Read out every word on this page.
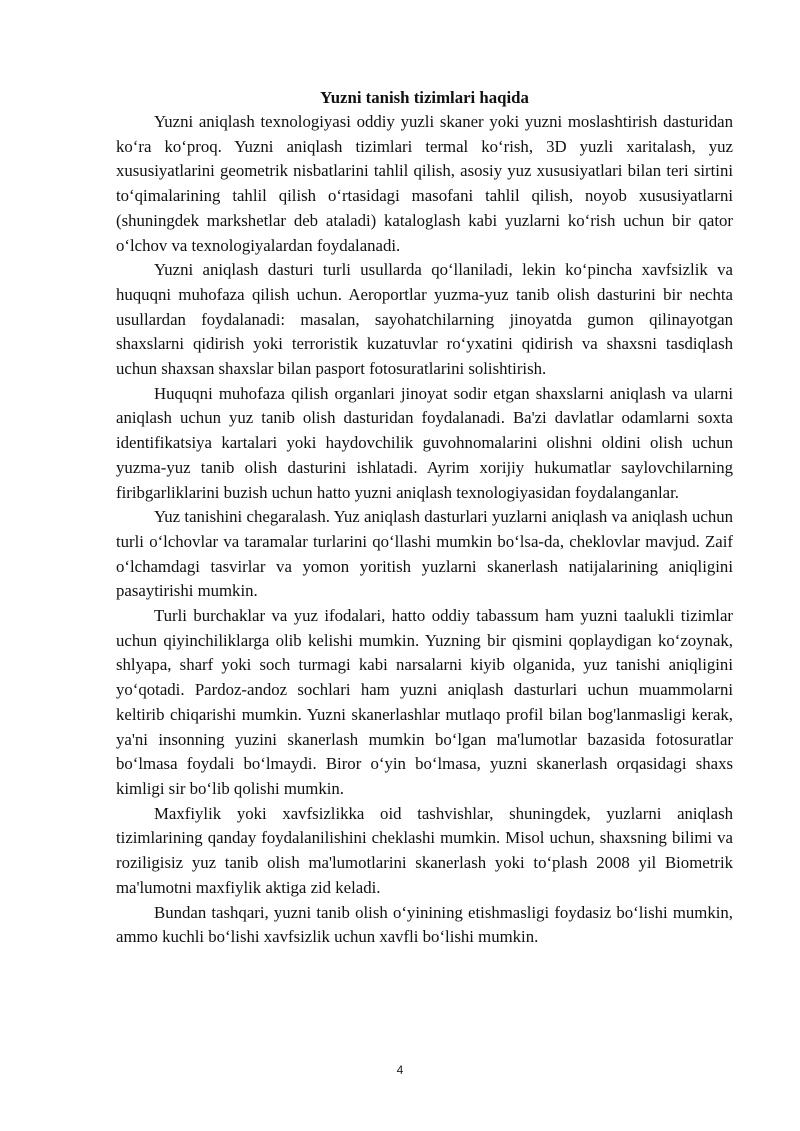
Yuzni tanish tizimlari haqida

Yuzni aniqlash texnologiyasi oddiy yuzli skaner yoki yuzni moslashtirish dasturidan koʻra koʻproq. Yuzni aniqlash tizimlari termal koʻrish, 3D yuzli xaritalash, yuz xususiyatlarini geometrik nisbatlarini tahlil qilish, asosiy yuz xususiyatlari bilan teri sirtini toʻqimalarining tahlil qilish oʻrtasidagi masofani tahlil qilish, noyob xususiyatlarni (shuningdek markshetlar deb ataladi) kataloglash kabi yuzlarni koʻrish uchun bir qator oʻlchov va texnologiyalardan foydalanadi.

Yuzni aniqlash dasturi turli usullarda qoʻllaniladi, lekin koʻpincha xavfsizlik va huquqni muhofaza qilish uchun. Aeroportlar yuzma-yuz tanib olish dasturini bir nechta usullardan foydalanadi: masalan, sayohatchilarning jinoyatda gumon qilinayotgan shaxslarni qidirish yoki terroristik kuzatuvlar roʻyxatini qidirish va shaxsni tasdiqlash uchun shaxsan shaxslar bilan pasport fotosuratlarini solishtirish.

Huquqni muhofaza qilish organlari jinoyat sodir etgan shaxslarni aniqlash va ularni aniqlash uchun yuz tanib olish dasturidan foydalanadi. Ba'zi davlatlar odamlarni soxta identifikatsiya kartalari yoki haydovchilik guvohnomalarini olishni oldini olish uchun yuzma-yuz tanib olish dasturini ishlatadi. Ayrim xorijiy hukumatlar saylovchilarning firibgarliklarini buzish uchun hatto yuzni aniqlash texnologiyasidan foydalanganlar.

Yuz tanishini chegaralash. Yuz aniqlash dasturlari yuzlarni aniqlash va aniqlash uchun turli oʻlchovlar va taramalar turlarini qoʻllashi mumkin boʻlsa-da, cheklovlar mavjud. Zaif oʻlchamdagi tasvirlar va yomon yoritish yuzlarni skanerlash natijalarining aniqligini pasaytirishi mumkin.

Turli burchaklar va yuz ifodalari, hatto oddiy tabassum ham yuzni taalukli tizimlar uchun qiyinchiliklarga olib kelishi mumkin. Yuzning bir qismini qoplaydigan koʻzoynak, shlyapa, sharf yoki soch turmagi kabi narsalarni kiyib olganida, yuz tanishi aniqligini yoʻqotadi. Pardoz-andoz sochlari ham yuzni aniqlash dasturlari uchun muammolarni keltirib chiqarishi mumkin. Yuzni skanerlashlar mutlaqo profil bilan bog'lanmasligi kerak, ya'ni insonning yuzini skanerlash mumkin boʻlgan ma'lumotlar bazasida fotosuratlar boʻlmasa foydali boʻlmaydi. Biror oʻyin boʻlmasa, yuzni skanerlash orqasidagi shaxs kimligi sir boʻlib qolishi mumkin.

Maxfiylik yoki xavfsizlikka oid tashvishlar, shuningdek, yuzlarni aniqlash tizimlarining qanday foydalanilishini cheklashi mumkin. Misol uchun, shaxsning bilimi va roziligisiz yuz tanib olish ma'lumotlarini skanerlash yoki toʻplash 2008 yil Biometrik ma'lumotni maxfiylik aktiga zid keladi.

Bundan tashqari, yuzni tanib olish oʻyinining etishmasligi foydasiz boʻlishi mumkin, ammo kuchli boʻlishi xavfsizlik uchun xavfli boʻlishi mumkin.

4
